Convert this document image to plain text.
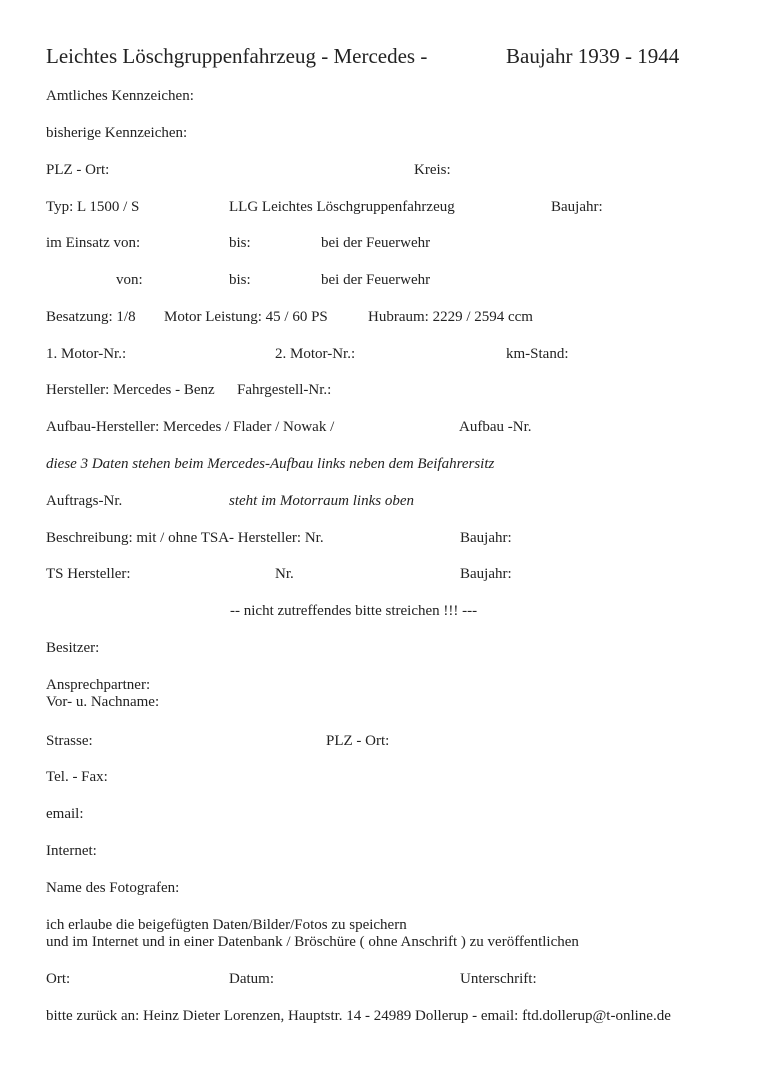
Leichtes Löschgruppenfahrzeug - Mercedes -	Baujahr 1939 - 1944
Amtliches Kennzeichen:
bisherige Kennzeichen:
PLZ - Ort:	Kreis:
Typ: L 1500 / S	LLG Leichtes Löschgruppenfahrzeug	Baujahr:
im Einsatz von:	bis:	bei der Feuerwehr
von:	bis:	bei der Feuerwehr
Besatzung: 1/8 Motor Leistung: 45 / 60 PS	Hubraum: 2229 / 2594 ccm
1. Motor-Nr.:	2. Motor-Nr.:	km-Stand:
Hersteller: Mercedes - Benz Fahrgestell-Nr.:
Aufbau-Hersteller: Mercedes / Flader / Nowak /	Aufbau -Nr.
diese 3 Daten stehen beim Mercedes-Aufbau links neben dem Beifahrersitz
Auftrags-Nr.	steht im Motorraum links oben
Beschreibung: mit / ohne TSA- Hersteller: Nr.	Baujahr:
TS Hersteller:	Nr.	Baujahr:
-- nicht zutreffendes bitte streichen !!! ---
Besitzer:
Ansprechpartner:
Vor- u. Nachname:
Strasse:	PLZ - Ort:
Tel. - Fax:
email:
Internet:
Name des Fotografen:
ich erlaube die beigefügten Daten/Bilder/Fotos zu speichern
und im Internet und in einer Datenbank / Bröschüre ( ohne Anschrift ) zu veröffentlichen
Ort:	Datum:	Unterschrift:
bitte zurück an: Heinz Dieter Lorenzen, Hauptstr. 14 - 24989 Dollerup - email: ftd.dollerup@t-online.de
